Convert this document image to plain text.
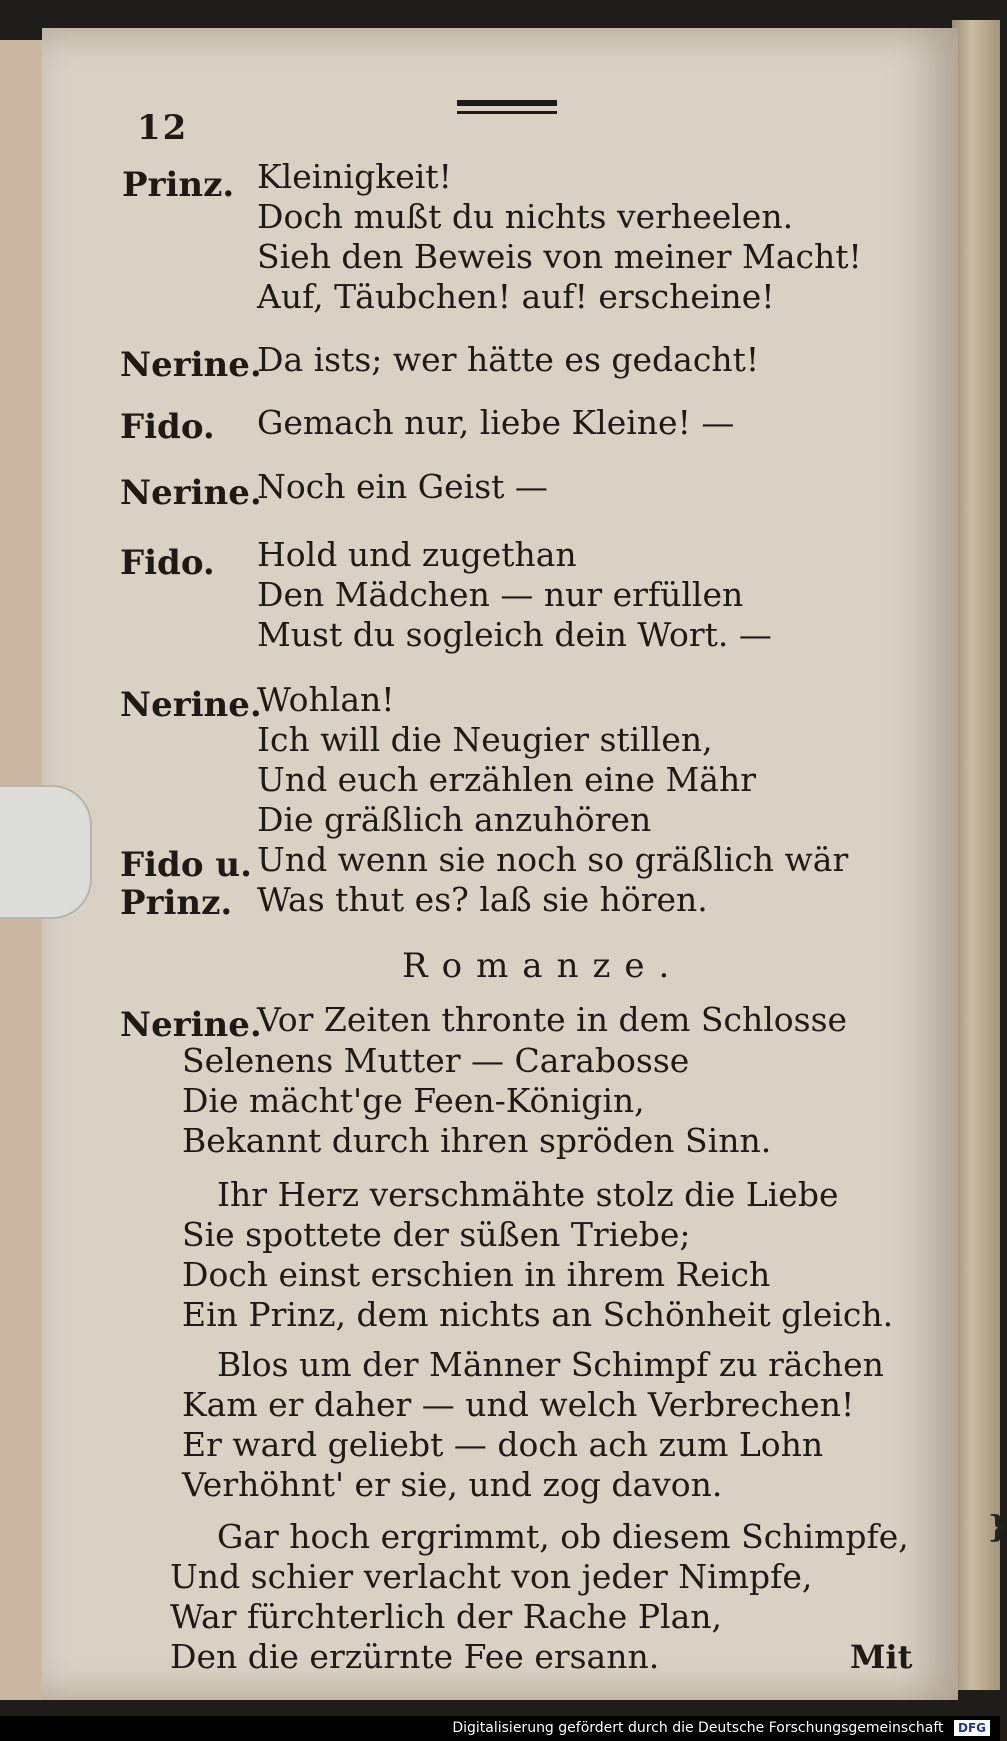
12
Prinz. Kleinigkeit!
Doch mußt du nichts verheelen.
Sieh den Beweis von meiner Macht!
Auf, Täubchen! auf! erscheine!
Nerine.
Da ists; wer hätte es gedacht!
Fido. Gemach nur, liebe Kleine! —
Nerine.
Noch ein Geist —
Fido. Hold und zugethan
Den Mädchen — nur erfüllen
Must du sogleich dein Wort. —
Nerine.
Wohlan!
Ich will die Neugier stillen,
Und euch erzählen eine Mähr
Die gräßlich anzuhören
Fido u. Und wenn sie noch so gräßlich wär
Prinz. Was thut es? laß sie hören.
Romanze.
Nerine.
Vor Zeiten thronte in dem Schlosse
Selenens Mutter — Carabosse
Die mächt'ge Feen-Königin,
Bekannt durch ihren spröden Sinn.
Ihr Herz verschmähte stolz die Liebe
Sie spottete der süßen Triebe;
Doch einst erschien in ihrem Reich
Ein Prinz, dem nichts an Schönheit gleich.
Blos um der Männer Schimpf zu rächen
Kam er daher — und welch Verbrechen!
Er ward geliebt — doch ach zum Lohn
Verhöhnt' er sie, und zog davon.
Gar hoch ergrimmt, ob diesem Schimpfe,
Und schier verlacht von jeder Nimpfe,
War fürchterlich der Rache Plan,
Den die erzürnte Fee ersann.	Mit
}
Digitalisierung gefördert durch die Deutsche Forschungsgemeinschaft DFG
